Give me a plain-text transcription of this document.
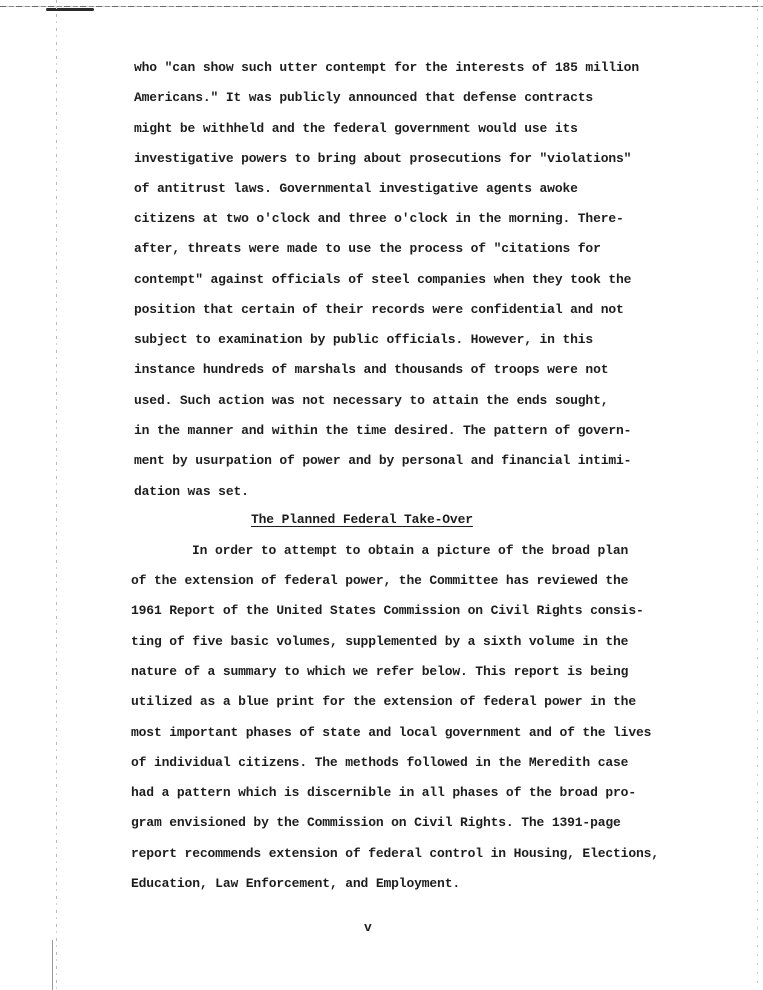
who "can show such utter contempt for the interests of 185 million

Americans." It was publicly announced that defense contracts

might be withheld and the federal government would use its

investigative powers to bring about prosecutions for "violations"

of antitrust laws. Governmental investigative agents awoke

citizens at two o'clock and three o'clock in the morning. There-

after, threats were made to use the process of "citations for

contempt" against officials of steel companies when they took the

position that certain of their records were confidential and not

subject to examination by public officials. However, in this

instance hundreds of marshals and thousands of troops were not

used. Such action was not necessary to attain the ends sought,

in the manner and within the time desired. The pattern of govern-

ment by usurpation of power and by personal and financial intimi-

dation was set.

The Planned Federal Take-Over

In order to attempt to obtain a picture of the broad plan

of the extension of federal power, the Committee has reviewed the

1961 Report of the United States Commission on Civil Rights consis-

ting of five basic volumes, supplemented by a sixth volume in the

nature of a summary to which we refer below. This report is being

utilized as a blue print for the extension of federal power in the

most important phases of state and local government and of the lives

of individual citizens. The methods followed in the Meredith case

had a pattern which is discernible in all phases of the broad pro-

gram envisioned by the Commission on Civil Rights. The 1391-page

report recommends extension of federal control in Housing, Elections,

Education, Law Enforcement, and Employment.

v
